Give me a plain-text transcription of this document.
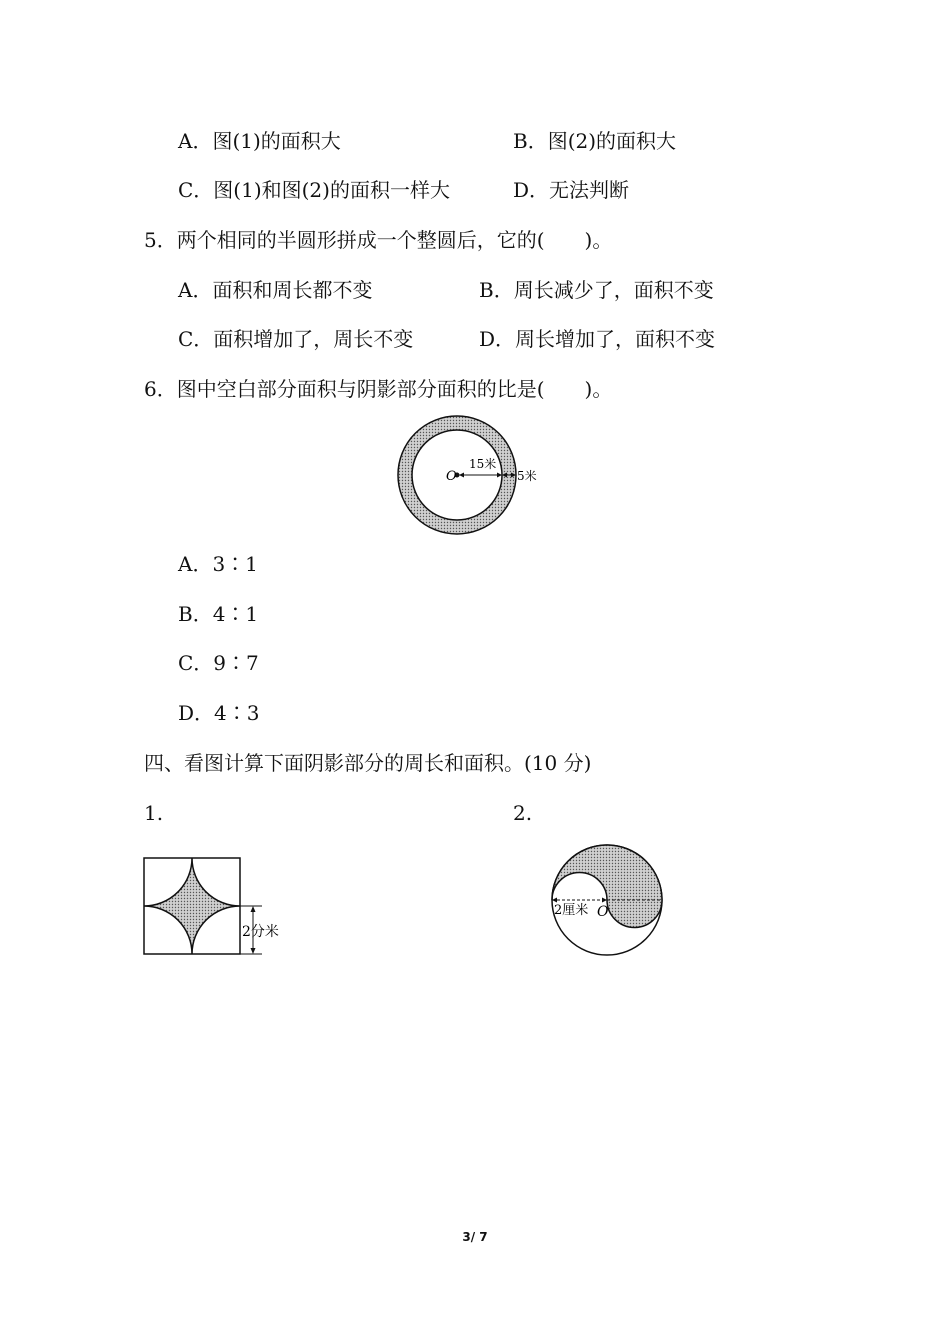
A．图(1)的面积大	B．图(2)的面积大
C．图(1)和图(2)的面积一样大	D．无法判断
5．两个相同的半圆形拼成一个整圆后，它的(　　)。
A．面积和周长都不变	B．周长减少了，面积不变
C．面积增加了，周长不变	D．周长增加了，面积不变
6．图中空白部分面积与阴影部分面积的比是(　　)。
O
15米
5米
A．3∶1
B．4∶1
C．9∶7
D．4∶3
四、看图计算下面阴影部分的周长和面积。(10 分)
1.	2.
2分米
2厘米 O
3/ 7
